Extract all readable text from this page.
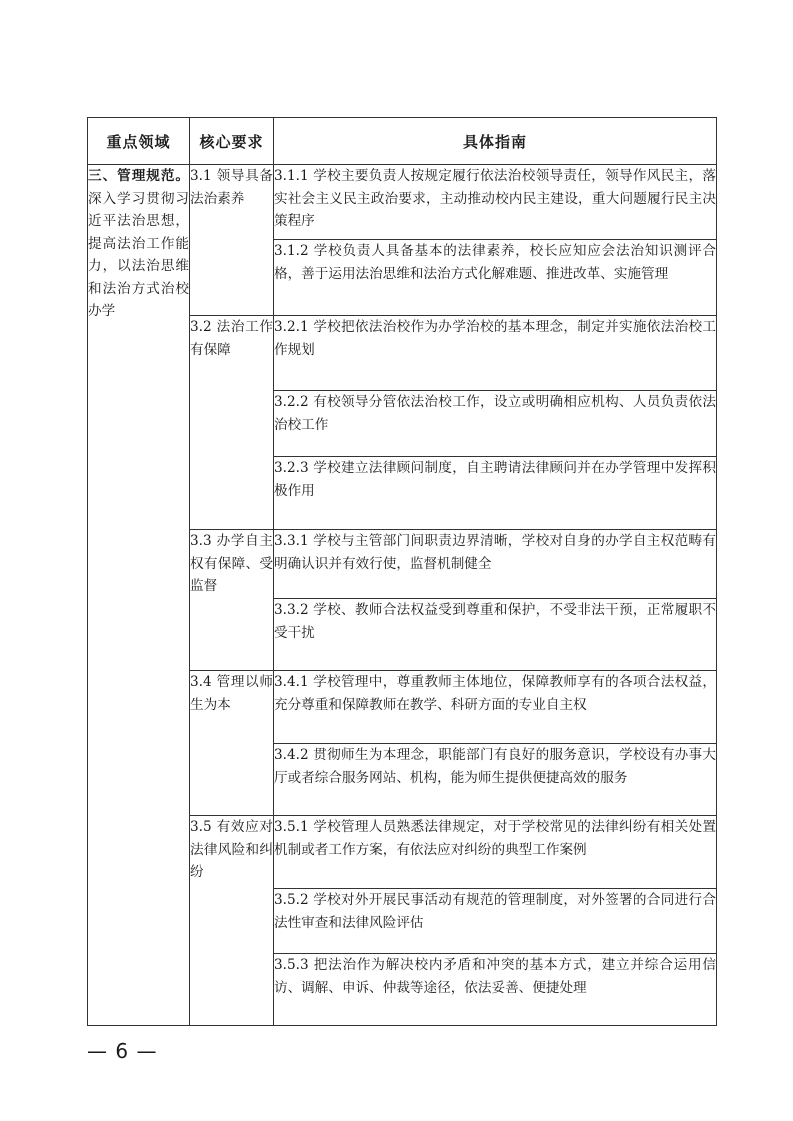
重点领域	核心要求	具体指南
三、管理规范。深入学习贯彻习近平法治思想，提高法治工作能力，以法治思维和法治方式治校办学	3.1 领导具备法治素养	3.1.1 学校主要负责人按规定履行依法治校领导责任，领导作风民主，落实社会主义民主政治要求，主动推动校内民主建设，重大问题履行民主决策程序
		3.1.2 学校负责人具备基本的法律素养，校长应知应会法治知识测评合格，善于运用法治思维和法治方式化解难题、推进改革、实施管理
	3.2 法治工作有保障	3.2.1 学校把依法治校作为办学治校的基本理念，制定并实施依法治校工作规划
		3.2.2 有校领导分管依法治校工作，设立或明确相应机构、人员负责依法治校工作
		3.2.3 学校建立法律顾问制度，自主聘请法律顾问并在办学管理中发挥积极作用
	3.3 办学自主权有保障、受监督	3.3.1 学校与主管部门间职责边界清晰，学校对自身的办学自主权范畴有明确认识并有效行使，监督机制健全
		3.3.2 学校、教师合法权益受到尊重和保护，不受非法干预，正常履职不受干扰
	3.4 管理以师生为本	3.4.1 学校管理中，尊重教师主体地位，保障教师享有的各项合法权益，充分尊重和保障教师在教学、科研方面的专业自主权
		3.4.2 贯彻师生为本理念，职能部门有良好的服务意识，学校设有办事大厅或者综合服务网站、机构，能为师生提供便捷高效的服务
	3.5 有效应对法律风险和纠纷	3.5.1 学校管理人员熟悉法律规定，对于学校常见的法律纠纷有相关处置机制或者工作方案，有依法应对纠纷的典型工作案例
		3.5.2 学校对外开展民事活动有规范的管理制度，对外签署的合同进行合法性审查和法律风险评估
		3.5.3 把法治作为解决校内矛盾和冲突的基本方式，建立并综合运用信访、调解、申诉、仲裁等途径，依法妥善、便捷处理
— 6 —
